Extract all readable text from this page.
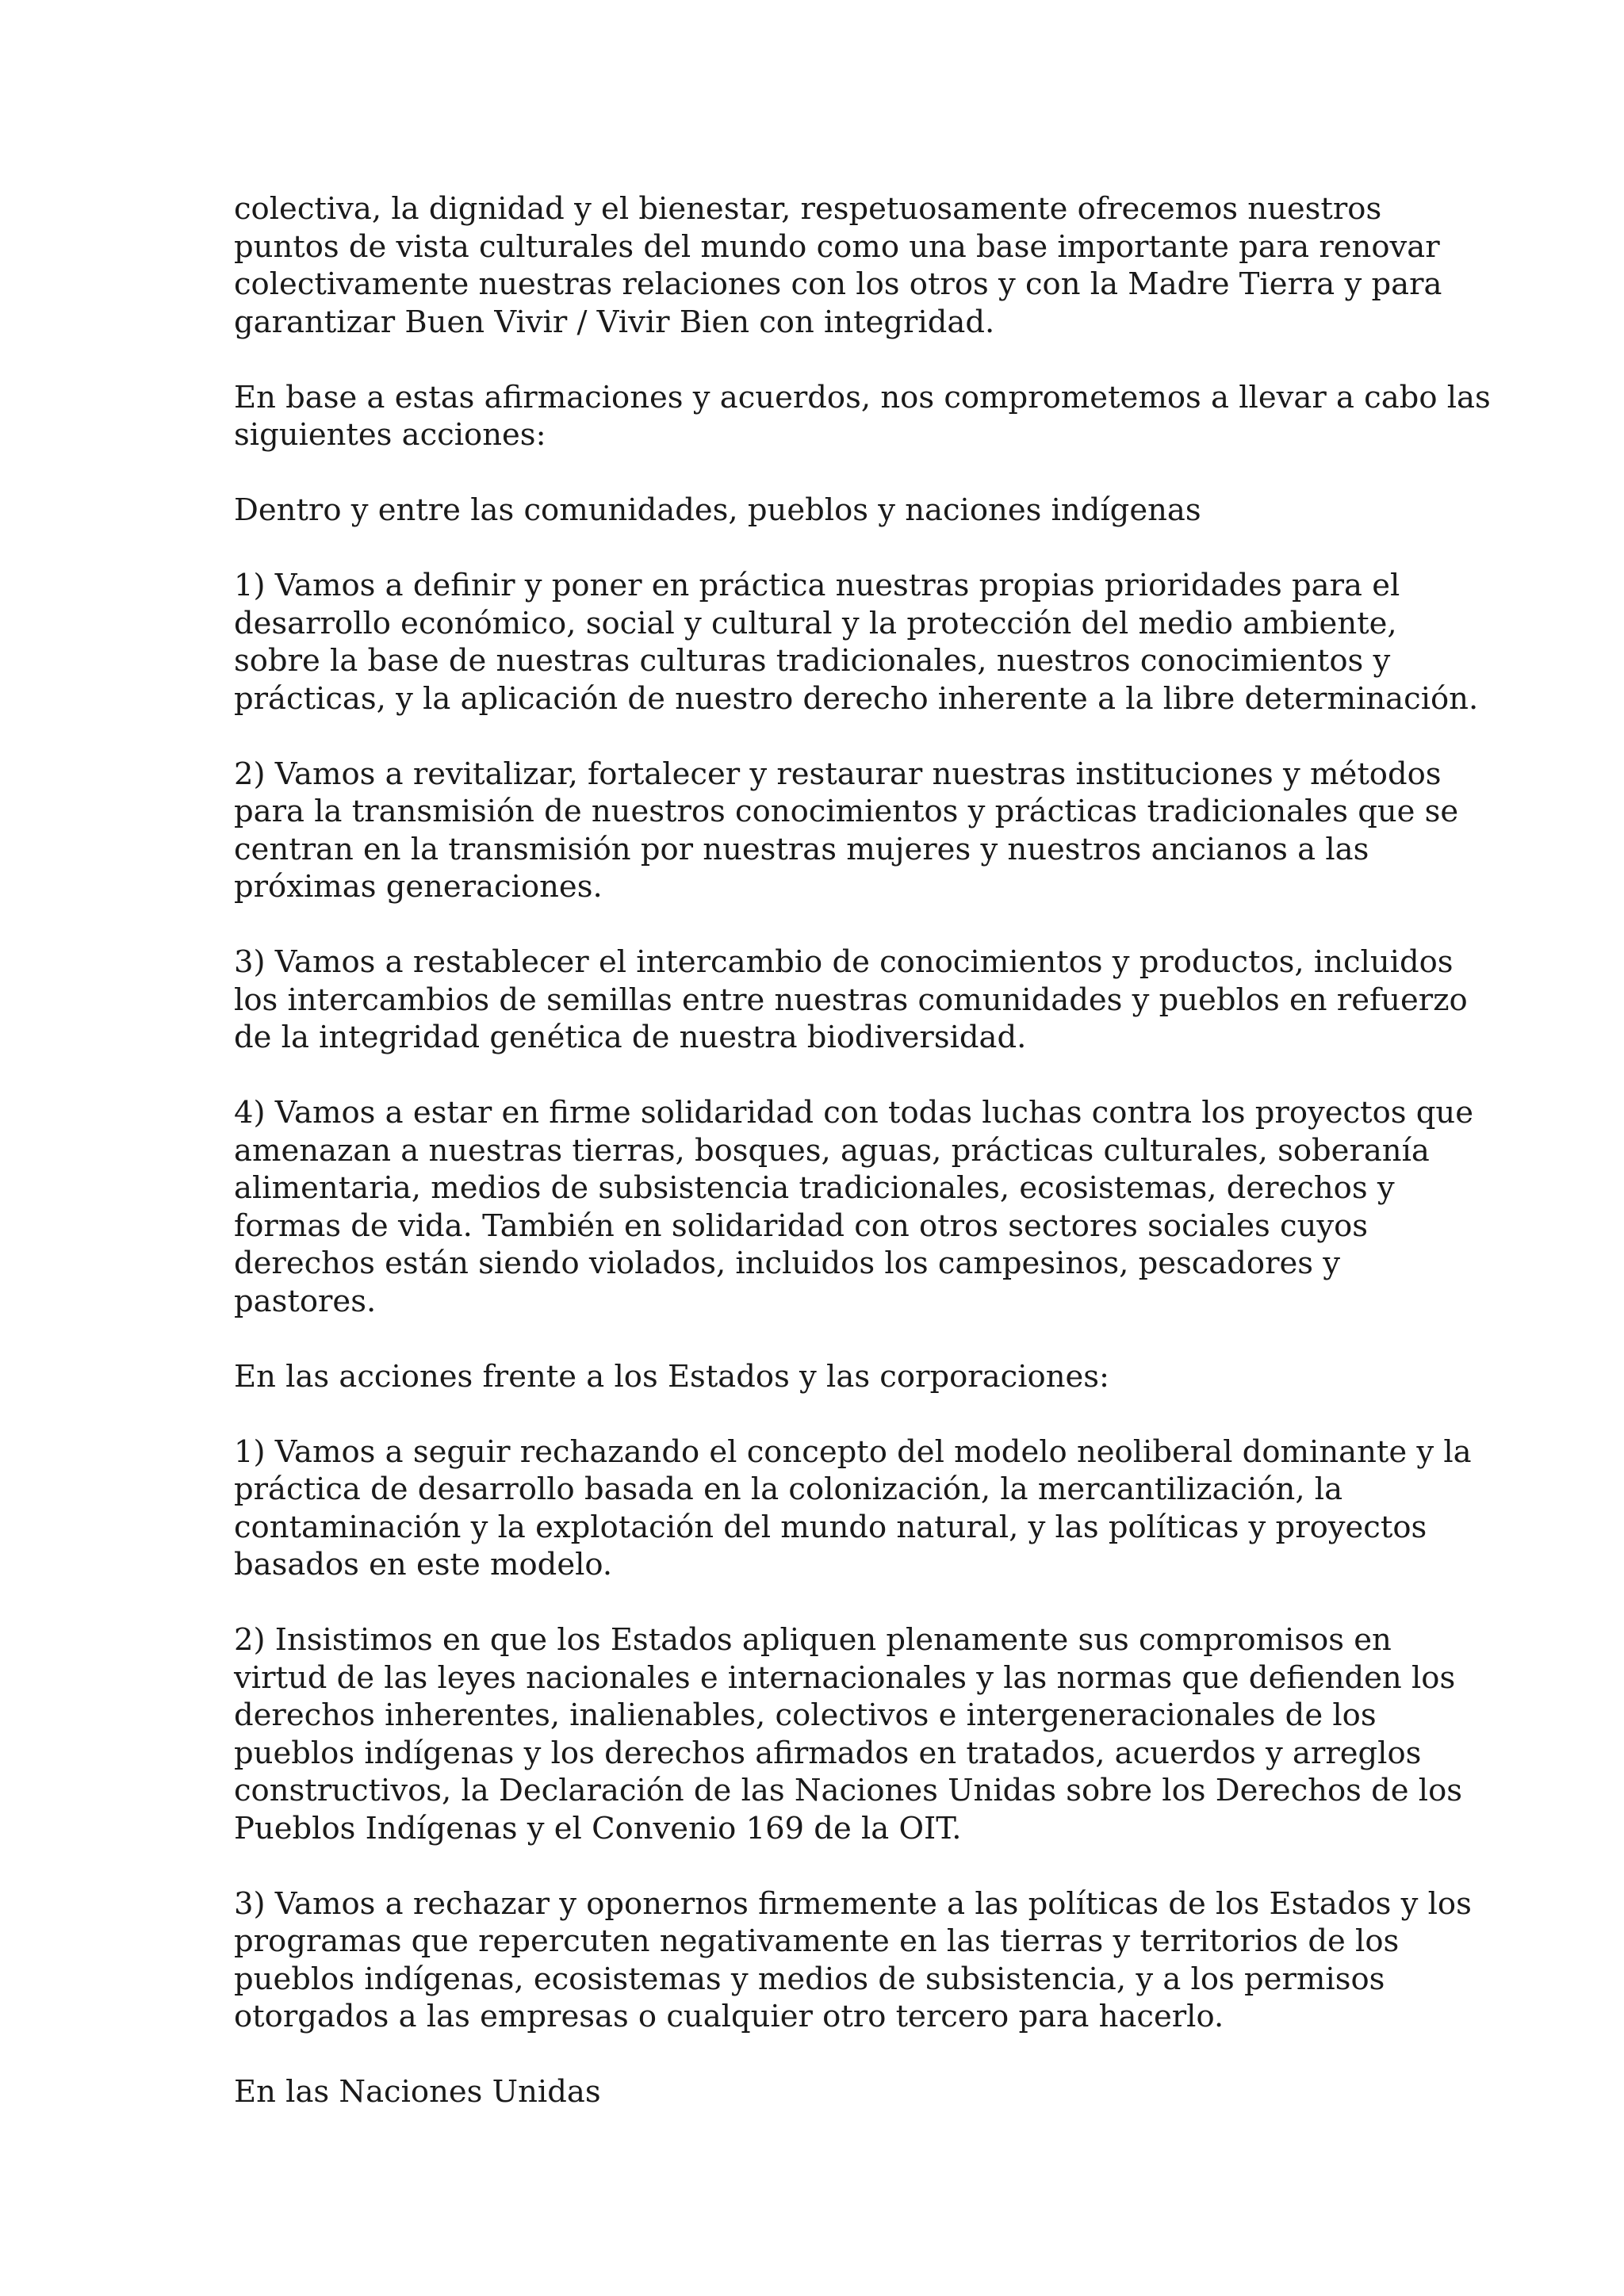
colectiva, la dignidad y el bienestar, respetuosamente ofrecemos nuestros
puntos de vista culturales del mundo como una base importante para renovar
colectivamente nuestras relaciones con los otros y con la Madre Tierra y para
garantizar Buen Vivir / Vivir Bien con integridad.
En base a estas afirmaciones y acuerdos, nos comprometemos a llevar a cabo las
siguientes acciones:
Dentro y entre las comunidades, pueblos y naciones indígenas
1) Vamos a definir y poner en práctica nuestras propias prioridades para el
desarrollo económico, social y cultural y la protección del medio ambiente,
sobre la base de nuestras culturas tradicionales, nuestros conocimientos y
prácticas, y la aplicación de nuestro derecho inherente a la libre determinación.
2) Vamos a revitalizar, fortalecer y restaurar nuestras instituciones y métodos
para la transmisión de nuestros conocimientos y prácticas tradicionales que se
centran en la transmisión por nuestras mujeres y nuestros ancianos a las
próximas generaciones.
3) Vamos a restablecer el intercambio de conocimientos y productos, incluidos
los intercambios de semillas entre nuestras comunidades y pueblos en refuerzo
de la integridad genética de nuestra biodiversidad.
4) Vamos a estar en firme solidaridad con todas luchas contra los proyectos que
amenazan a nuestras tierras, bosques, aguas, prácticas culturales, soberanía
alimentaria, medios de subsistencia tradicionales, ecosistemas, derechos y
formas de vida. También en solidaridad con otros sectores sociales cuyos
derechos están siendo violados, incluidos los campesinos, pescadores y
pastores.
En las acciones frente a los Estados y las corporaciones:
1) Vamos a seguir rechazando el concepto del modelo neoliberal dominante y la
práctica de desarrollo basada en la colonización, la mercantilización, la
contaminación y la explotación del mundo natural, y las políticas y proyectos
basados en este modelo.
2) Insistimos en que los Estados apliquen plenamente sus compromisos en
virtud de las leyes nacionales e internacionales y las normas que defienden los
derechos inherentes, inalienables, colectivos e intergeneracionales de los
pueblos indígenas y los derechos afirmados en tratados, acuerdos y arreglos
constructivos, la Declaración de las Naciones Unidas sobre los Derechos de los
Pueblos Indígenas y el Convenio 169 de la OIT.
3) Vamos a rechazar y oponernos firmemente a las políticas de los Estados y los
programas que repercuten negativamente en las tierras y territorios de los
pueblos indígenas, ecosistemas y medios de subsistencia, y a los permisos
otorgados a las empresas o cualquier otro tercero para hacerlo.
En las Naciones Unidas
